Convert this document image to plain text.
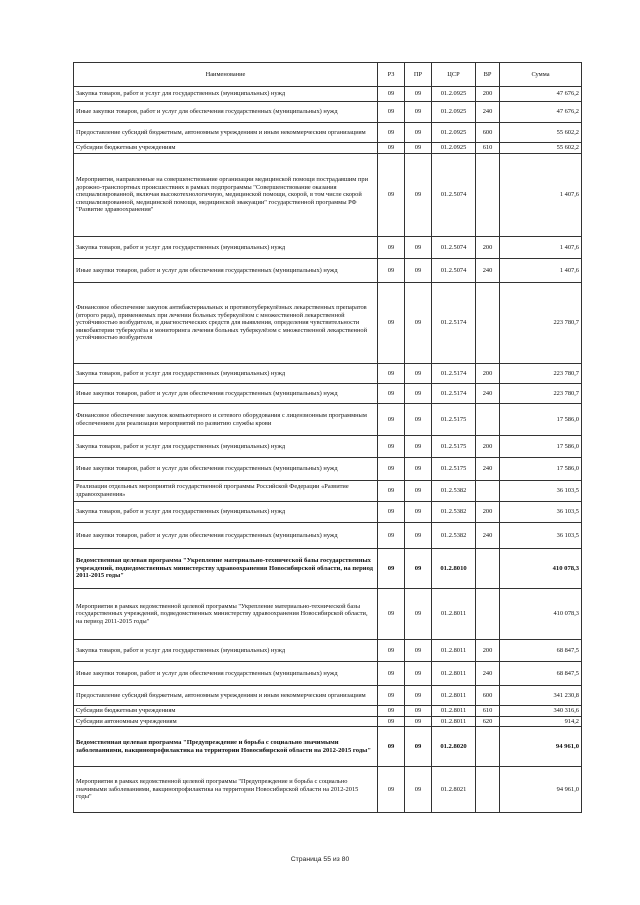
Наименование	РЗ	ПР	ЦСР	ВР	Сумма
Закупка товаров, работ и услуг для государственных (муниципальных) нужд	09	09	01.2.0925	200	47 676,2
Иные закупки товаров, работ и услуг для обеспечения государственных (муниципальных) нужд	09	09	01.2.0925	240	47 676,2
Предоставление субсидий бюджетным, автономным учреждениям и иным некоммерческим организациям	09	09	01.2.0925	600	55 602,2
Субсидии бюджетным учреждениям	09	09	01.2.0925	610	55 602,2
Мероприятия, направленные на совершенствование организации медицинской помощи пострадавшим при дорожно-транспортных происшествиях в рамках подпрограммы "Совершенствование оказания специализированной, включая высокотехнологичную, медицинской помощи, скорой, в том числе скорой специализированной, медицинской помощи, медицинской эвакуации" государственной программы РФ "Развитие здравоохранения"	09	09	01.2.5074		1 407,6
Закупка товаров, работ и услуг для государственных (муниципальных) нужд	09	09	01.2.5074	200	1 407,6
Иные закупки товаров, работ и услуг для обеспечения государственных (муниципальных) нужд	09	09	01.2.5074	240	1 407,6
Финансовое обеспечение закупок антибактериальных и противотуберкулёзных лекарственных препаратов (второго ряда), применяемых при лечении больных туберкулёзом с множественной лекарственной устойчивостью возбудителя, и диагностических средств для выявления, определения чувствительности микобактерии туберкулёза и мониторинга лечения больных туберкулёзом с множественной лекарственной устойчивостью возбудителя	09	09	01.2.5174		223 780,7
Закупка товаров, работ и услуг для государственных (муниципальных) нужд	09	09	01.2.5174	200	223 780,7
Иные закупки товаров, работ и услуг для обеспечения государственных (муниципальных) нужд	09	09	01.2.5174	240	223 780,7
Финансовое обеспечение закупок компьютерного и сетевого оборудования с лицензионным программным обеспечением для реализации мероприятий по развитию службы крови	09	09	01.2.5175		17 586,0
Закупка товаров, работ и услуг для государственных (муниципальных) нужд	09	09	01.2.5175	200	17 586,0
Иные закупки товаров, работ и услуг для обеспечения государственных (муниципальных) нужд	09	09	01.2.5175	240	17 586,0
Реализация отдельных мероприятий государственной программы Российской Федерации «Развитие здравоохранения»	09	09	01.2.5382		36 103,5
Закупка товаров, работ и услуг для государственных (муниципальных) нужд	09	09	01.2.5382	200	36 103,5
Иные закупки товаров, работ и услуг для обеспечения государственных (муниципальных) нужд	09	09	01.2.5382	240	36 103,5
Ведомственная целевая программа "Укрепление материально-технической базы государственных учреждений, подведомственных министерству здравоохранения Новосибирской области, на период 2011-2015 годы"	09	09	01.2.8010		410 078,3
Мероприятия в рамках ведомственной целевой программы "Укрепление материально-технической базы государственных учреждений, подведомственных министерству здравоохранения Новосибирской области, на период 2011-2015 годы"	09	09	01.2.8011		410 078,3
Закупка товаров, работ и услуг для государственных (муниципальных) нужд	09	09	01.2.8011	200	68 847,5
Иные закупки товаров, работ и услуг для обеспечения государственных (муниципальных) нужд	09	09	01.2.8011	240	68 847,5
Предоставление субсидий бюджетным, автономным учреждениям и иным некоммерческим организациям	09	09	01.2.8011	600	341 230,8
Субсидии бюджетным учреждениям	09	09	01.2.8011	610	340 316,6
Субсидии автономным учреждениям	09	09	01.2.8011	620	914,2
Ведомственная целевая программа "Предупреждение и борьба с социально значимыми заболеваниями, вакцинопрофилактика на территории Новосибирской области на 2012-2015 годы"	09	09	01.2.8020		94 961,0
Мероприятия в рамках ведомственной целевой программы "Предупреждение и борьба с социально значимыми заболеваниями, вакцинопрофилактика на территории Новосибирской области на 2012-2015 годы"	09	09	01.2.8021		94 961,0
Страница 55 из 80
